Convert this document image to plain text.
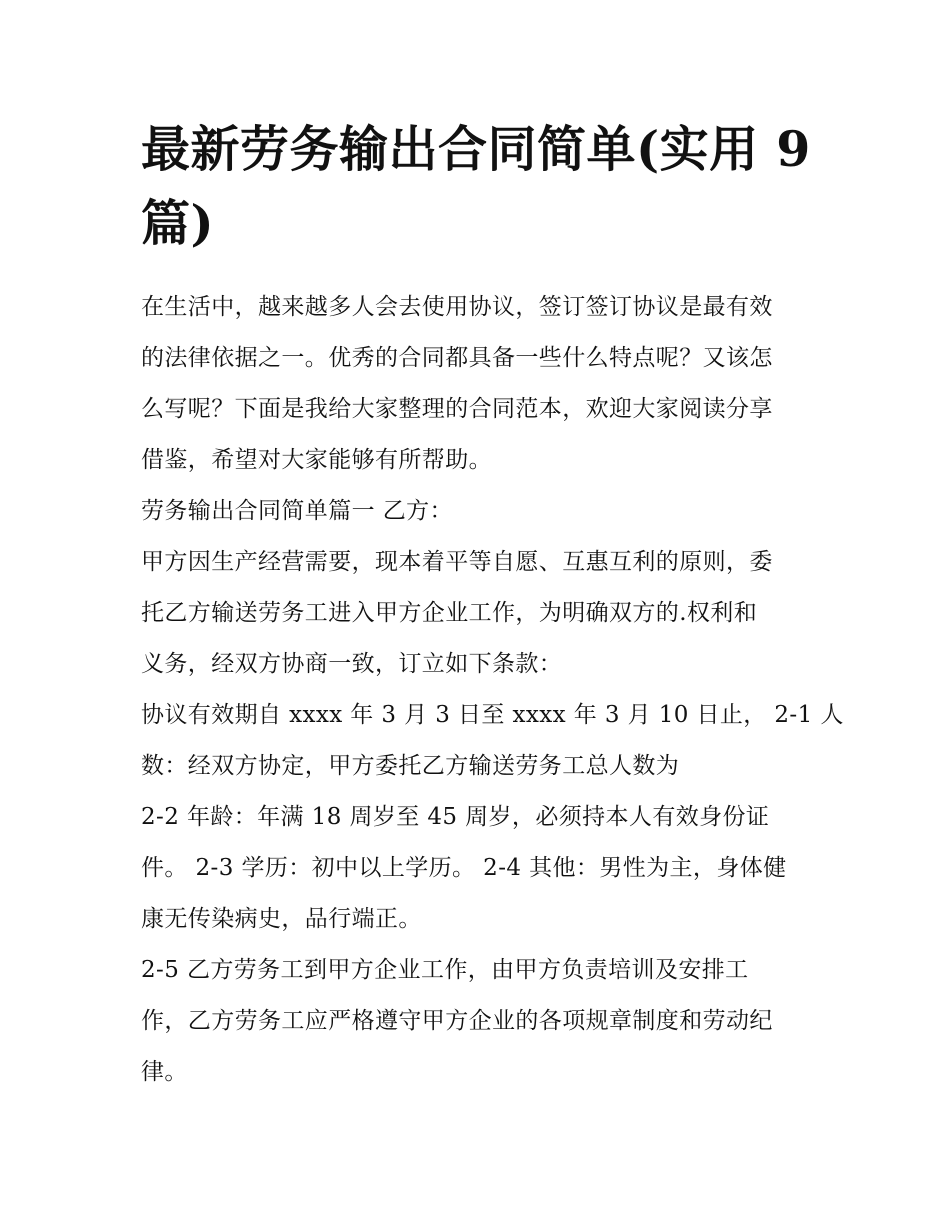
最新劳务输出合同简单(实用 9
篇)

在生活中，越来越多人会去使用协议，签订签订协议是最有效
的法律依据之一。优秀的合同都具备一些什么特点呢？又该怎
么写呢？下面是我给大家整理的合同范本，欢迎大家阅读分享
借鉴，希望对大家能够有所帮助。

劳务输出合同简单篇一 乙方：

甲方因生产经营需要，现本着平等自愿、互惠互利的原则，委
托乙方输送劳务工进入甲方企业工作，为明确双方的.权利和
义务，经双方协商一致，订立如下条款：

协议有效期自 xxxx 年 3 月 3 日至 xxxx 年 3 月 10 日止， 2-1 人
数：经双方协定，甲方委托乙方输送劳务工总人数为

2-2 年龄：年满 18 周岁至 45 周岁，必须持本人有效身份证
件。 2-3 学历：初中以上学历。 2-4 其他：男性为主，身体健
康无传染病史，品行端正。

2-5 乙方劳务工到甲方企业工作，由甲方负责培训及安排工
作，乙方劳务工应严格遵守甲方企业的各项规章制度和劳动纪
律。
